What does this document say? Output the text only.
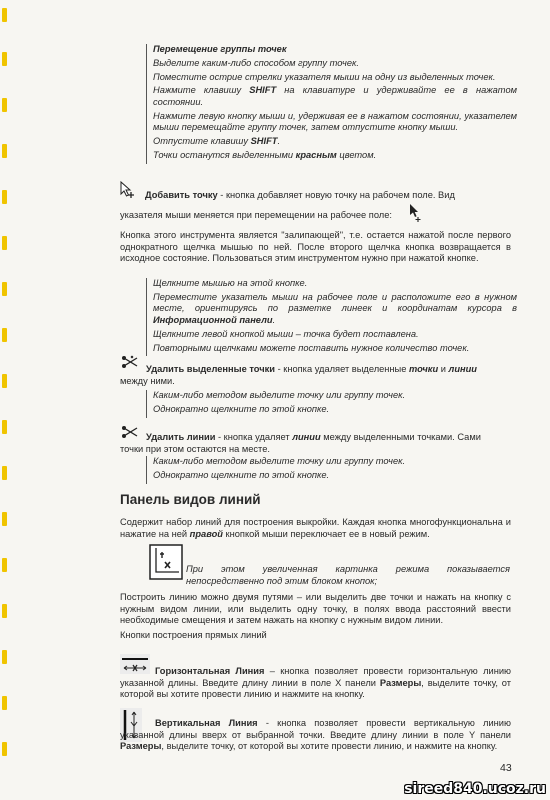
Перемещение группы точек

Выделите каким-либо способом группу точек.

Поместите острие стрелки указателя мыши на одну из выделенных точек.

Нажмите клавишу SHIFT на клавиатуре и удерживайте ее в нажатом состоянии.

Нажмите левую кнопку мыши и, удерживая ее в нажатом состоянии, указателем мыши перемещайте группу точек, затем отпустите кнопку мыши.

Отпустите клавишу SHIFT.

Точки останутся выделенными красным цветом.

Добавить точку - кнопка добавляет новую точку на рабочем поле. Вид
указателя мыши меняется при перемещении на рабочее поле:
Кнопка этого инструмента является "залипающей", т.е. остается нажатой после первого однократного щелчка мышью по ней. После второго щелчка кнопка возвращается в исходное состояние. Пользоваться этим инструментом нужно при нажатой кнопке.

Щелкните мышью на этой кнопке.

Переместите указатель мыши на рабочее поле и расположите его в нужном месте, ориентируясь по разметке линеек и координатам курсора в Информационной панели.

Щелкните левой кнопкой мыши – точка будет поставлена.

Повторными щелчками можете поставить нужное количество точек.

Удалить выделенные точки - кнопка удаляет выделенные точки и линии
между ними.

Каким-либо методом выделите точку или группу точек.

Однократно щелкните по этой кнопке.

Удалить линии - кнопка удаляет линии между выделенными точками. Сами
точки при этом остаются на месте.

Каким-либо методом выделите точку или группу точек.

Однократно щелкните по этой кнопке.

Панель видов линий
Содержит набор линий для построения выкройки. Каждая кнопка многофункциональна и нажатие на ней правой кнопкой мыши переключает ее в новый режим.
При этом увеличенная картинка режима показывается непосредственно под этим блоком кнопок;
Построить линию можно двумя путями – или выделить две точки и нажать на кнопку с нужным видом линии, или выделить одну точку, в полях ввода расстояний ввести необходимые смещения и затем нажать на кнопку с нужным видом линии.
Кнопки построения прямых линий
Горизонтальная Линия – кнопка позволяет провести горизонтальную линию указанной длины. Введите длину линии в поле Х панели Размеры, выделите точку, от которой вы хотите провести линию и нажмите на кнопку.
Вертикальная Линия - кнопка позволяет провести вертикальную линию указанной длины вверх от выбранной точки. Введите длину линии в поле Y панели Размеры, выделите точку, от которой вы хотите провести линию, и нажмите на кнопку.
43
sireed840.ucoz.ru
